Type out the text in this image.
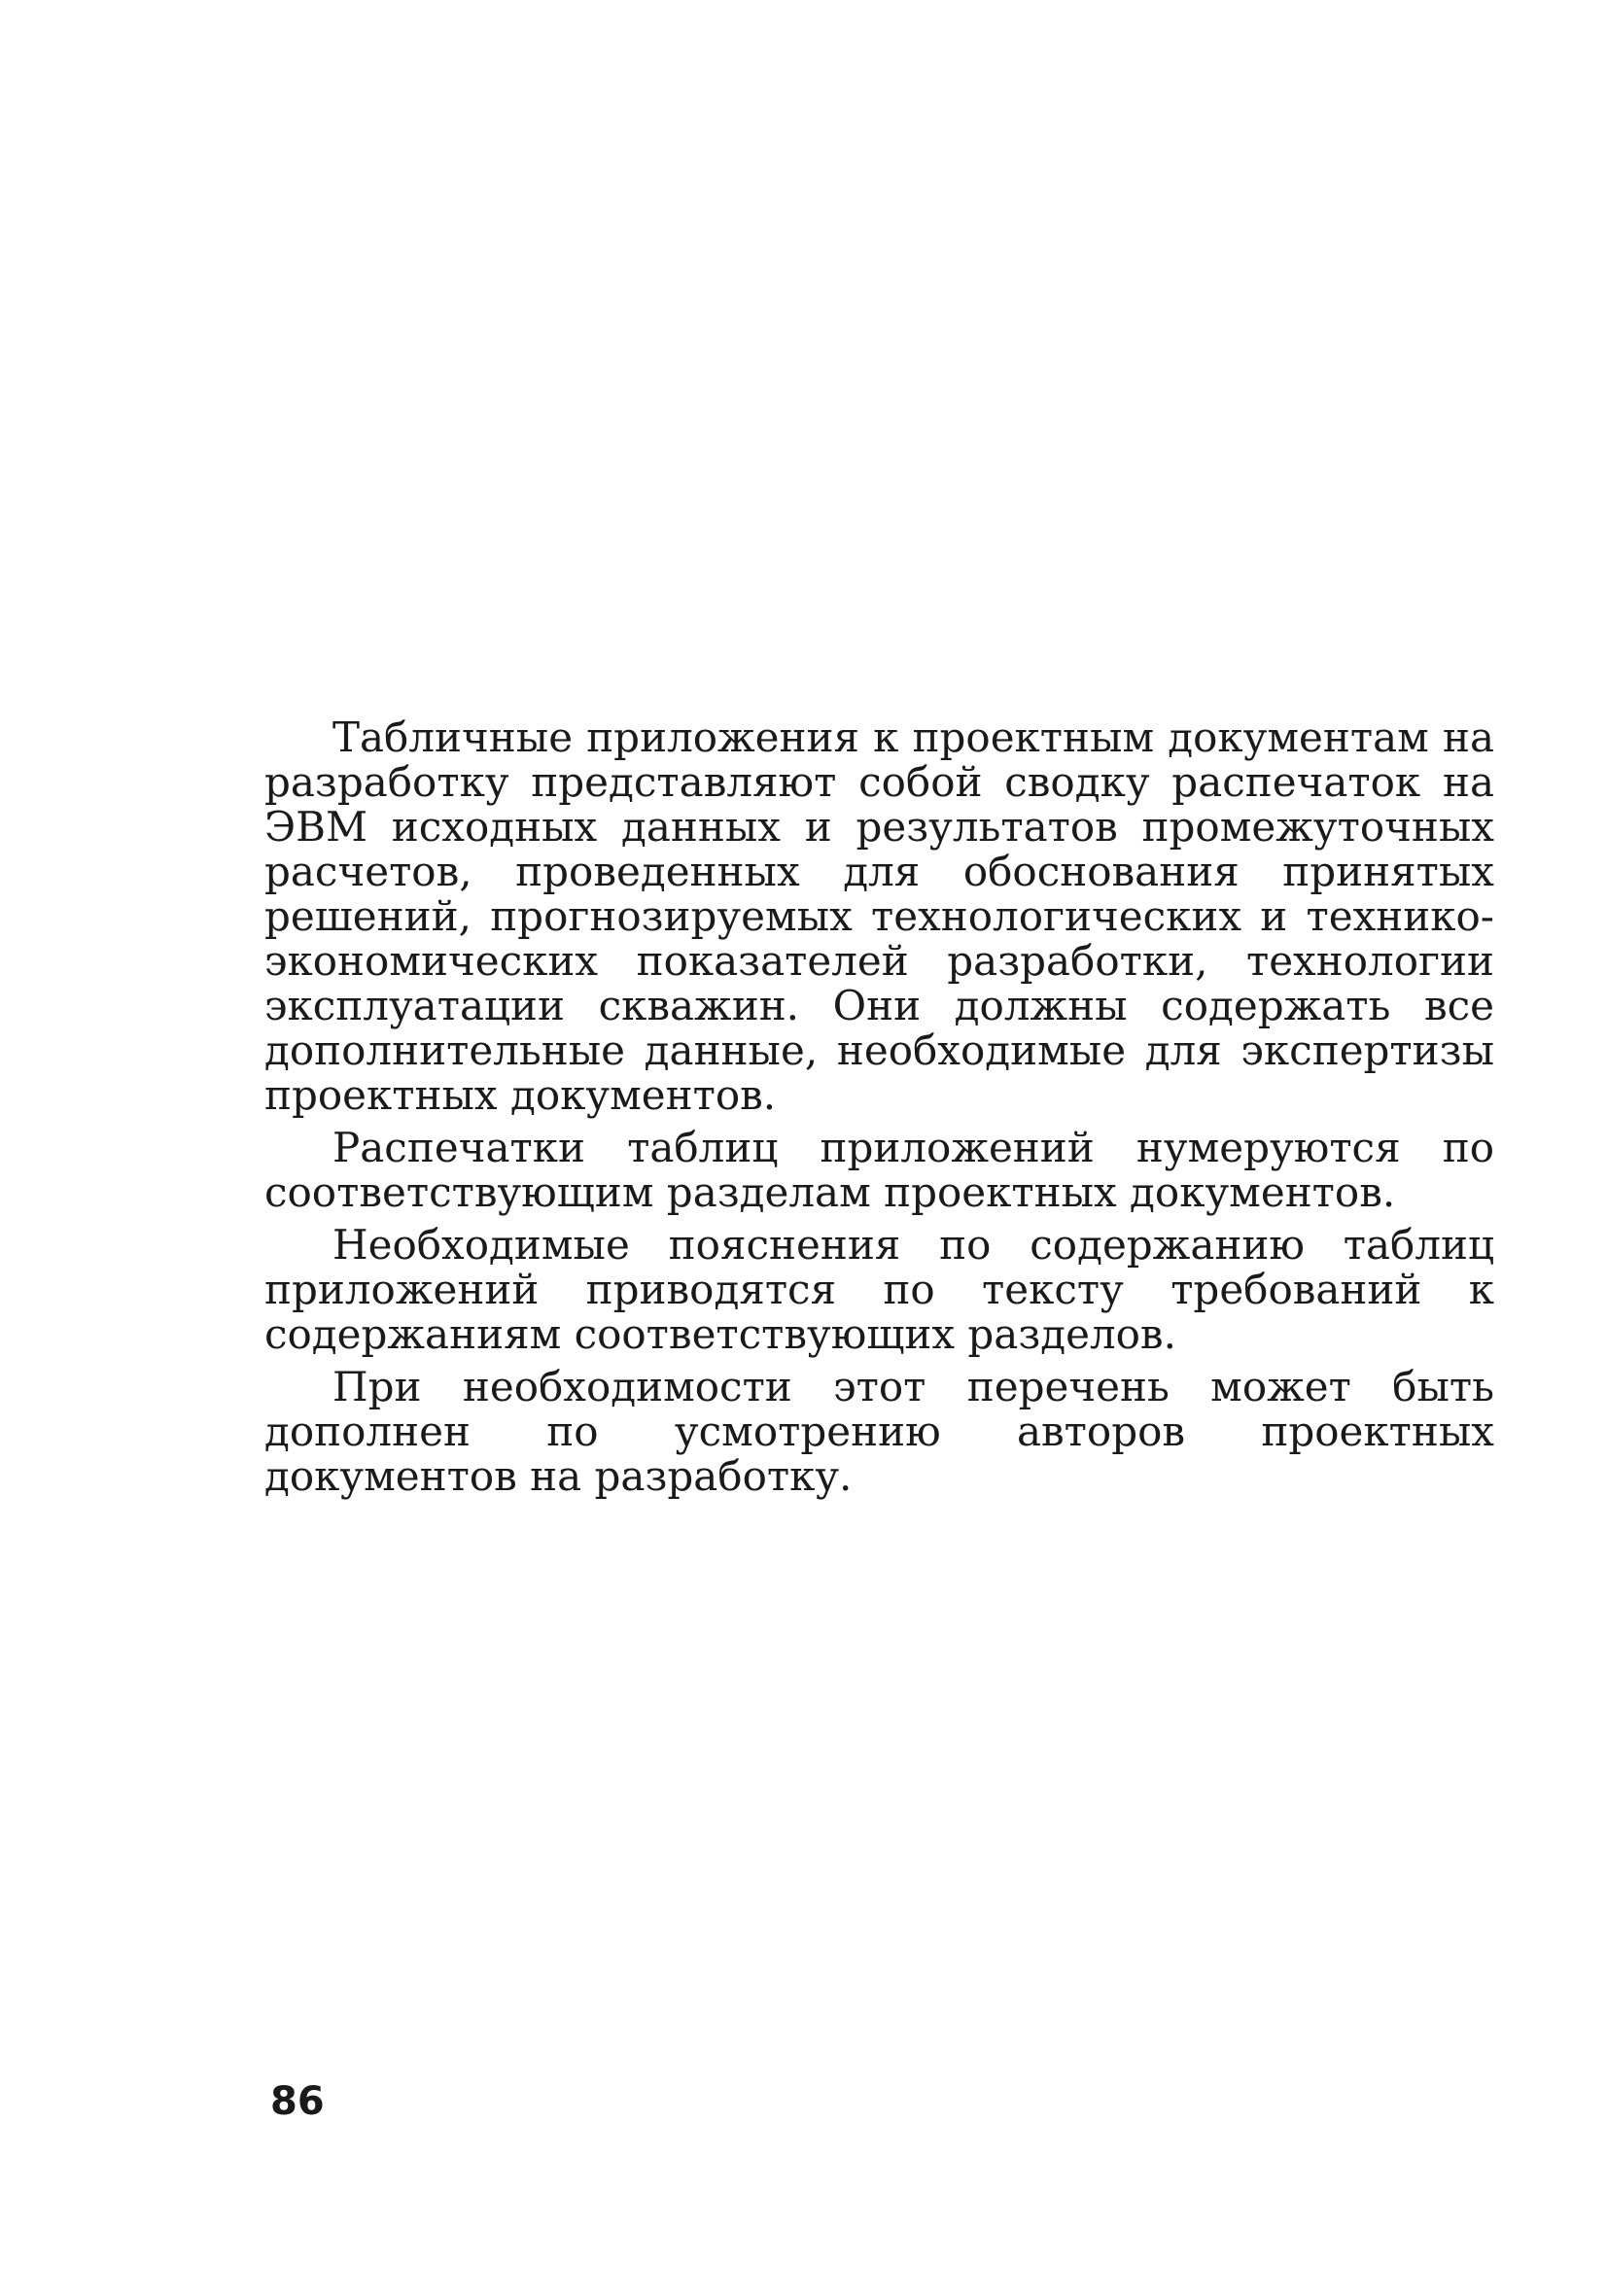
Табличные приложения к проектным документам на разработку представляют собой сводку распечаток на ЭВМ исходных данных и результатов промежуточных расчетов, проведенных для обоснования принятых решений, прогнозируемых технологических и технико-экономических показателей разработки, технологии эксплуатации скважин. Они должны содержать все дополнительные данные, необходимые для экспертизы проектных документов.

Распечатки таблиц приложений нумеруются по соответствующим разделам проектных документов.

Необходимые пояснения по содержанию таблиц приложений приводятся по тексту требований к содержаниям соответствующих разделов.

При необходимости этот перечень может быть дополнен по усмотрению авторов проектных документов на разработку.

86
